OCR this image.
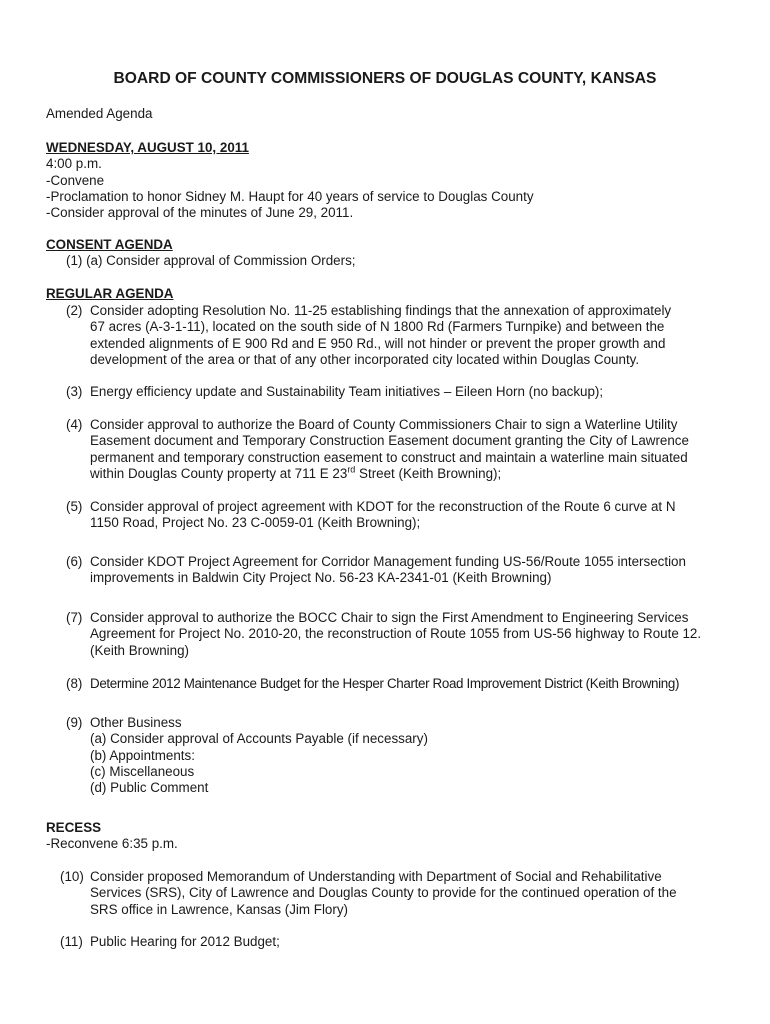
BOARD OF COUNTY COMMISSIONERS OF DOUGLAS COUNTY, KANSAS
Amended Agenda
WEDNESDAY, AUGUST 10, 2011
4:00 p.m.
-Convene
-Proclamation to honor Sidney M. Haupt for 40 years of service to Douglas County
-Consider approval of the minutes of June 29, 2011.
CONSENT AGENDA
(1) (a) Consider approval of Commission Orders;
REGULAR AGENDA
(2) Consider adopting Resolution No. 11-25 establishing findings that the annexation of approximately
67 acres (A-3-1-11), located on the south side of N 1800 Rd (Farmers Turnpike) and between the
extended alignments of E 900 Rd and E 950 Rd., will not hinder or prevent the proper growth and
development of the area or that of any other incorporated city located within Douglas County.
(3) Energy efficiency update and Sustainability Team initiatives – Eileen Horn (no backup);
(4) Consider approval to authorize the Board of County Commissioners Chair to sign a Waterline Utility
Easement document and Temporary Construction Easement document granting the City of Lawrence
permanent and temporary construction easement to construct and maintain a waterline main situated
within Douglas County property at 711 E 23rd Street (Keith Browning);
(5) Consider approval of project agreement with KDOT for the reconstruction of the Route 6 curve at N
1150 Road, Project No. 23 C-0059-01 (Keith Browning);
(6) Consider KDOT Project Agreement for Corridor Management funding US-56/Route 1055 intersection
improvements in Baldwin City Project No. 56-23 KA-2341-01 (Keith Browning)
(7) Consider approval to authorize the BOCC Chair to sign the First Amendment to Engineering Services
Agreement for Project No. 2010-20, the reconstruction of Route 1055 from US-56 highway to Route 12.
(Keith Browning)
(8) Determine 2012 Maintenance Budget for the Hesper Charter Road Improvement District (Keith Browning)
(9) Other Business
(a) Consider approval of Accounts Payable (if necessary)
(b) Appointments:
(c) Miscellaneous
(d) Public Comment
RECESS
-Reconvene 6:35 p.m.
(10) Consider proposed Memorandum of Understanding with Department of Social and Rehabilitative
Services (SRS), City of Lawrence and Douglas County to provide for the continued operation of the
SRS office in Lawrence, Kansas (Jim Flory)
(11) Public Hearing for 2012 Budget;
